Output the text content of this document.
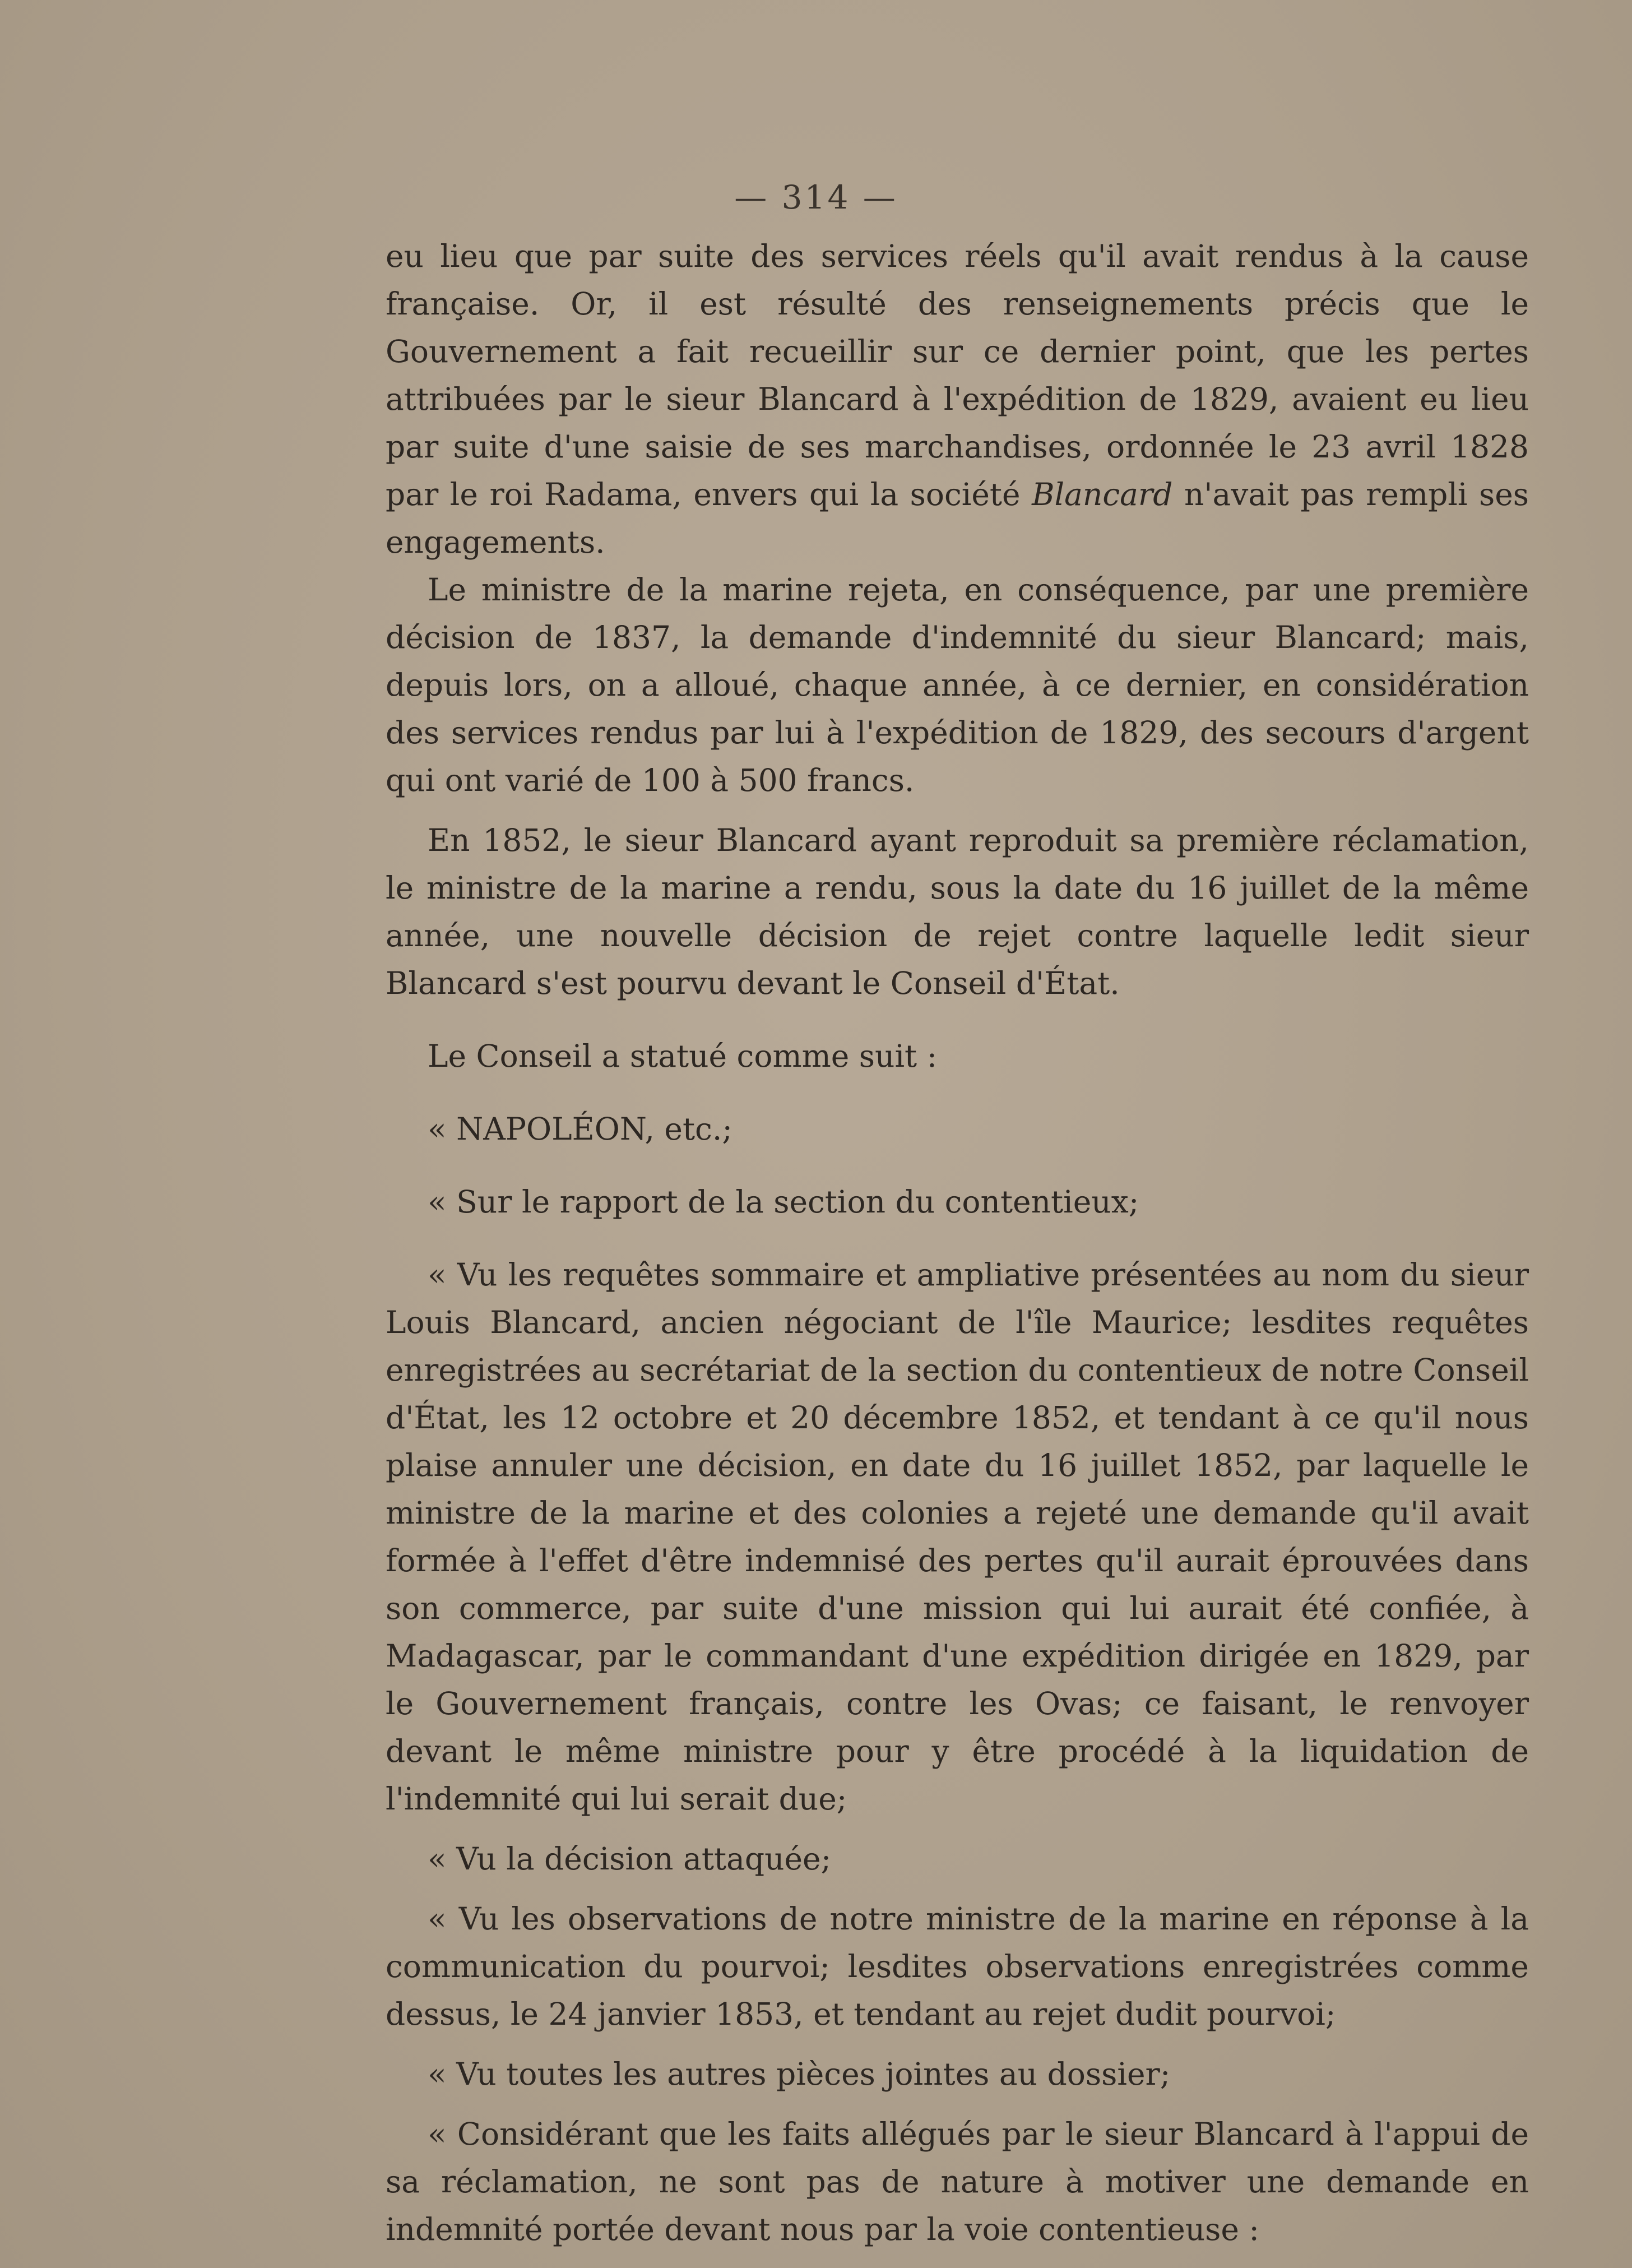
— 314 —

eu lieu que par suite des services réels qu'il avait rendus à la cause française. Or, il est résulté des renseignements précis que le Gouvernement a fait recueillir sur ce dernier point, que les pertes attribuées par le sieur Blancard à l'expédition de 1829, avaient eu lieu par suite d'une saisie de ses marchandises, ordonnée le 23 avril 1828 par le roi Radama, envers qui la société Blancard n'avait pas rempli ses engagements.

Le ministre de la marine rejeta, en conséquence, par une première décision de 1837, la demande d'indemnité du sieur Blancard; mais, depuis lors, on a alloué, chaque année, à ce dernier, en considération des services rendus par lui à l'expédition de 1829, des secours d'argent qui ont varié de 100 à 500 francs.

En 1852, le sieur Blancard ayant reproduit sa première réclamation, le ministre de la marine a rendu, sous la date du 16 juillet de la même année, une nouvelle décision de rejet contre laquelle ledit sieur Blancard s'est pourvu devant le Conseil d'État.

Le Conseil a statué comme suit :

« NAPOLÉON, etc.;

« Sur le rapport de la section du contentieux;

« Vu les requêtes sommaire et ampliative présentées au nom du sieur Louis Blancard, ancien négociant de l'île Maurice; lesdites requêtes enregistrées au secrétariat de la section du contentieux de notre Conseil d'État, les 12 octobre et 20 décembre 1852, et tendant à ce qu'il nous plaise annuler une décision, en date du 16 juillet 1852, par laquelle le ministre de la marine et des colonies a rejeté une demande qu'il avait formée à l'effet d'être indemnisé des pertes qu'il aurait éprouvées dans son commerce, par suite d'une mission qui lui aurait été confiée, à Madagascar, par le commandant d'une expédition dirigée en 1829, par le Gouvernement français, contre les Ovas; ce faisant, le renvoyer devant le même ministre pour y être procédé à la liquidation de l'indemnité qui lui serait due;

« Vu la décision attaquée;

« Vu les observations de notre ministre de la marine en réponse à la communication du pourvoi; lesdites observations enregistrées comme dessus, le 24 janvier 1853, et tendant au rejet dudit pourvoi;

« Vu toutes les autres pièces jointes au dossier;

« Considérant que les faits allégués par le sieur Blancard à l'appui de sa réclamation, ne sont pas de nature à motiver une demande en indemnité portée devant nous par la voie contentieuse :
